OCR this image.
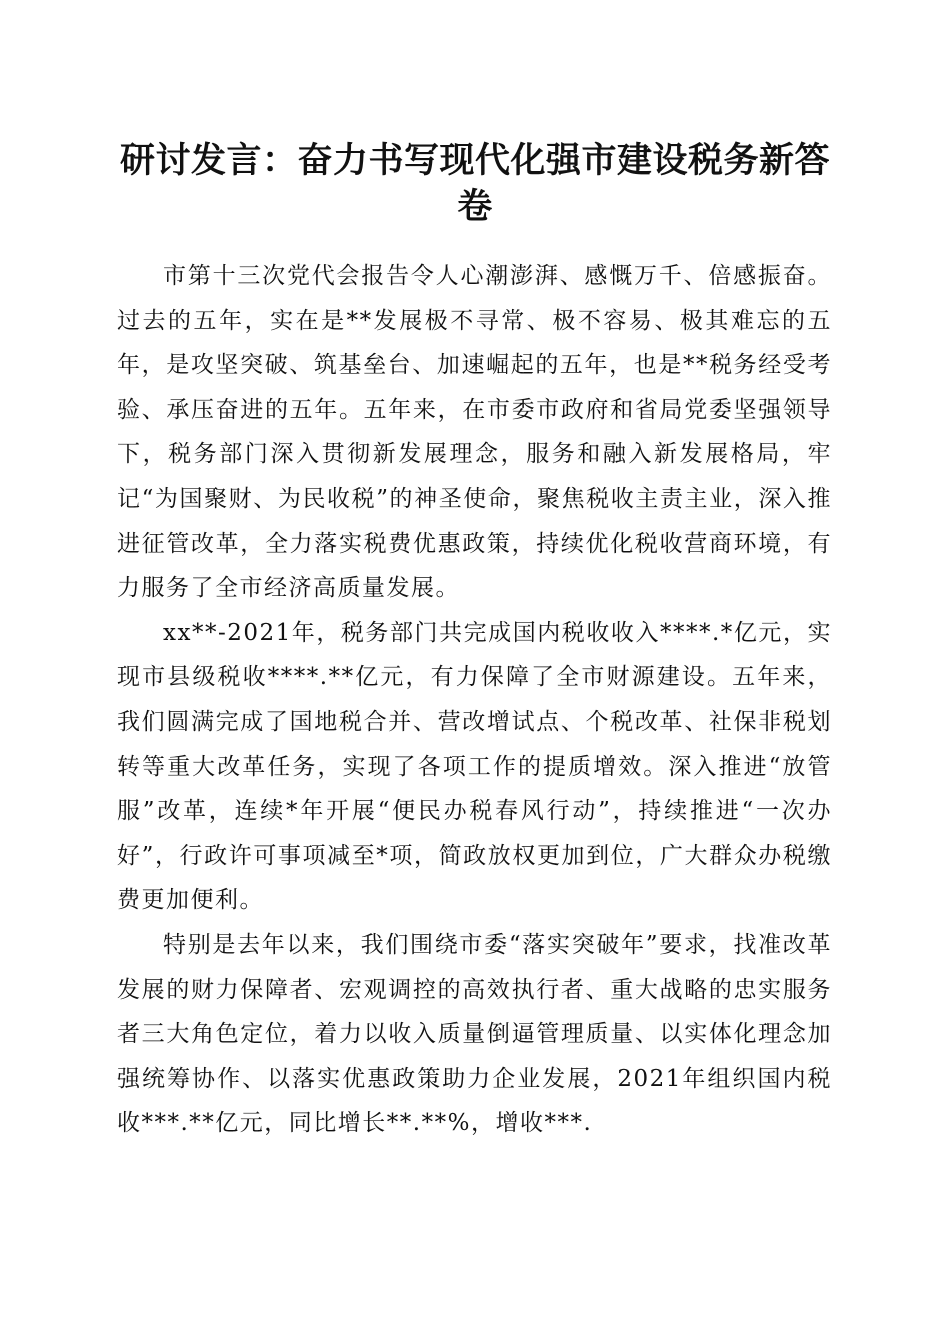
研讨发言：奋力书写现代化强市建设税务新答卷

市第十三次党代会报告令人心潮澎湃、感慨万千、倍感振奋。过去的五年，实在是**发展极不寻常、极不容易、极其难忘的五年，是攻坚突破、筑基垒台、加速崛起的五年，也是**税务经受考验、承压奋进的五年。五年来，在市委市政府和省局党委坚强领导下，税务部门深入贯彻新发展理念，服务和融入新发展格局，牢记“为国聚财、为民收税”的神圣使命，聚焦税收主责主业，深入推进征管改革，全力落实税费优惠政策，持续优化税收营商环境，有力服务了全市经济高质量发展。

xx**-2021年，税务部门共完成国内税收收入****.*亿元，实现市县级税收****.**亿元，有力保障了全市财源建设。五年来，我们圆满完成了国地税合并、营改增试点、个税改革、社保非税划转等重大改革任务，实现了各项工作的提质增效。深入推进“放管服”改革，连续*年开展“便民办税春风行动”，持续推进“一次办好”，行政许可事项减至*项，简政放权更加到位，广大群众办税缴费更加便利。

特别是去年以来，我们围绕市委“落实突破年”要求，找准改革发展的财力保障者、宏观调控的高效执行者、重大战略的忠实服务者三大角色定位，着力以收入质量倒逼管理质量、以实体化理念加强统筹协作、以落实优惠政策助力企业发展，2021年组织国内税收***.**亿元，同比增长**.**%，增收***.
